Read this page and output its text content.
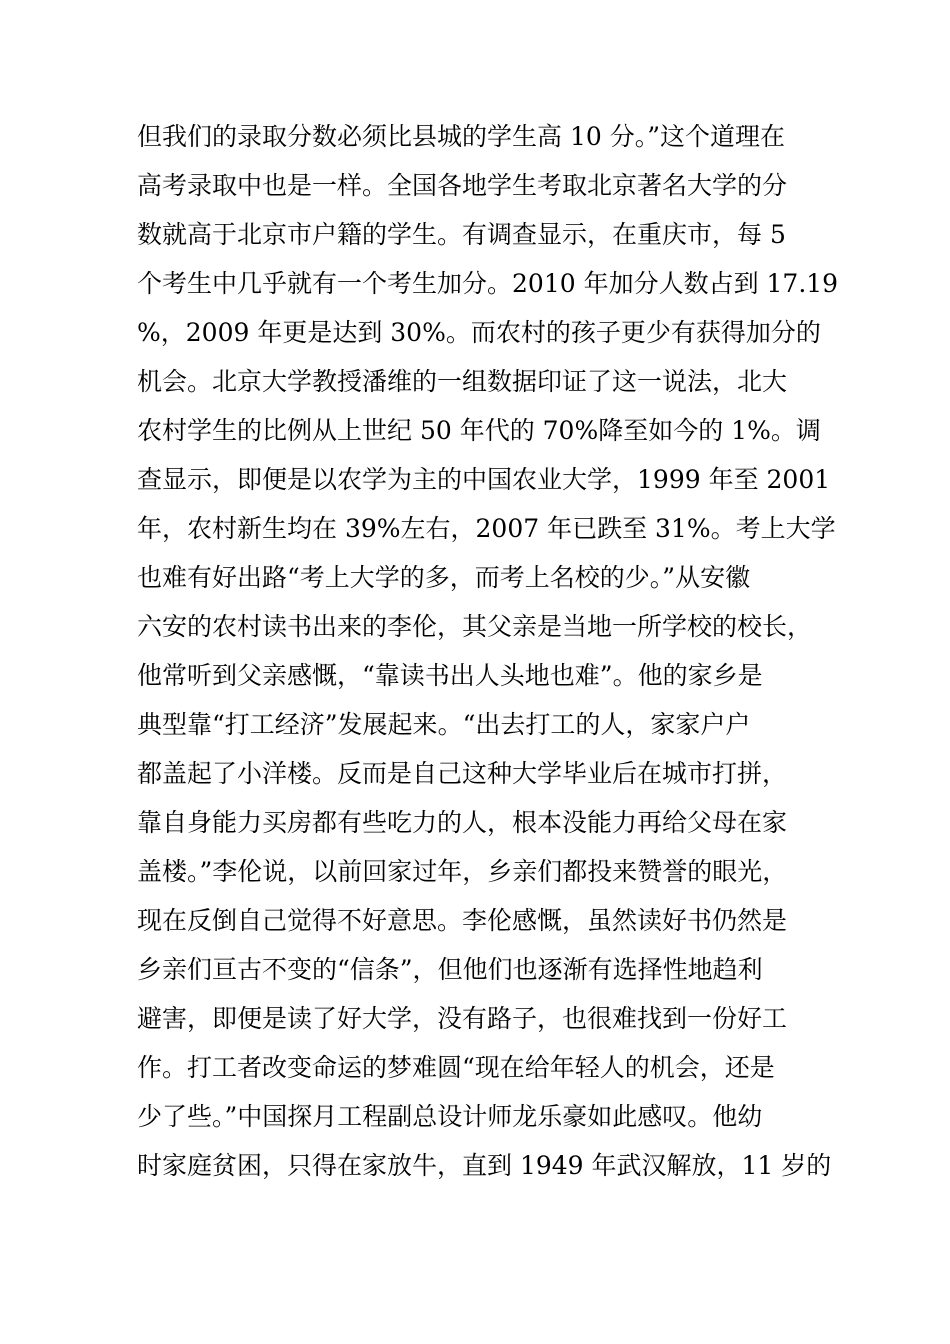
但我们的录取分数必须比县城的学生高 10 分。”这个道理在
高考录取中也是一样。全国各地学生考取北京著名大学的分
数就高于北京市户籍的学生。有调查显示，在重庆市，每 5
个考生中几乎就有一个考生加分。2010 年加分人数占到 17.19
%，2009 年更是达到 30%。而农村的孩子更少有获得加分的
机会。北京大学教授潘维的一组数据印证了这一说法，北大
农村学生的比例从上世纪 50 年代的 70%降至如今的 1%。调
查显示，即便是以农学为主的中国农业大学，1999 年至 2001
年，农村新生均在 39%左右，2007 年已跌至 31%。考上大学
也难有好出路“考上大学的多，而考上名校的少。”从安徽
六安的农村读书出来的李伦，其父亲是当地一所学校的校长，
他常听到父亲感慨，“靠读书出人头地也难”。他的家乡是
典型靠“打工经济”发展起来。“出去打工的人，家家户户
都盖起了小洋楼。反而是自己这种大学毕业后在城市打拼，
靠自身能力买房都有些吃力的人，根本没能力再给父母在家
盖楼。”李伦说，以前回家过年，乡亲们都投来赞誉的眼光，
现在反倒自己觉得不好意思。李伦感慨，虽然读好书仍然是
乡亲们亘古不变的“信条”，但他们也逐渐有选择性地趋利
避害，即便是读了好大学，没有路子，也很难找到一份好工
作。打工者改变命运的梦难圆“现在给年轻人的机会，还是
少了些。”中国探月工程副总设计师龙乐豪如此感叹。他幼
时家庭贫困，只得在家放牛，直到 1949 年武汉解放，11 岁的
